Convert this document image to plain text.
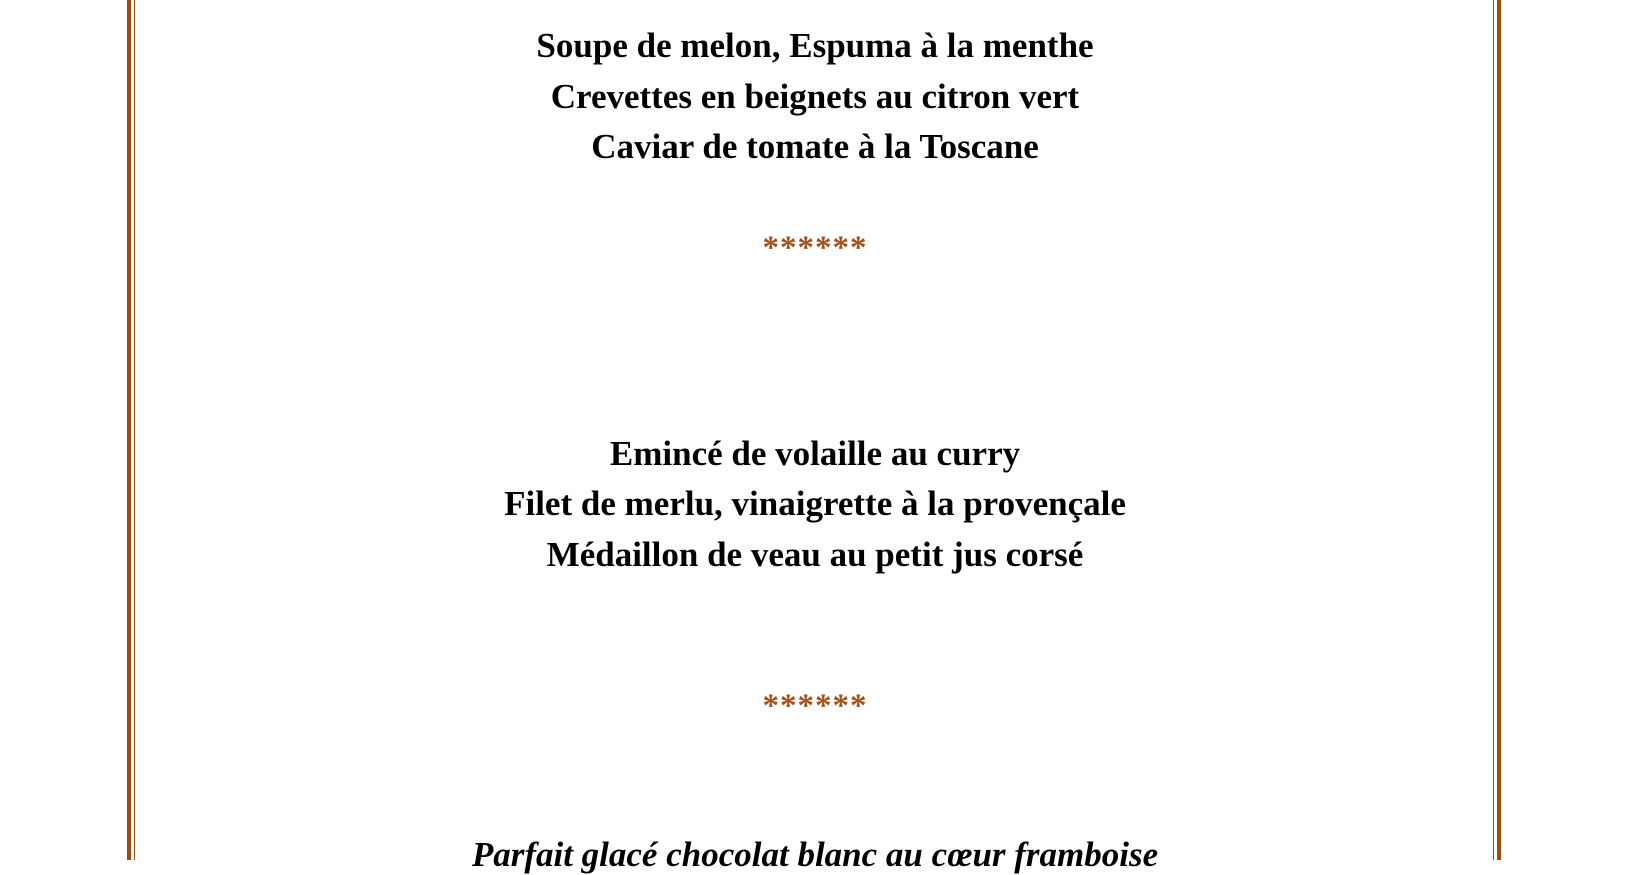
Soupe de melon, Espuma à la menthe
Crevettes en beignets au citron vert
Caviar de tomate à la Toscane
******
Emincé de volaille au curry
Filet de merlu, vinaigrette à la provençale
Médaillon de veau au petit jus corsé
******
Parfait glacé chocolat blanc au cœur framboise
